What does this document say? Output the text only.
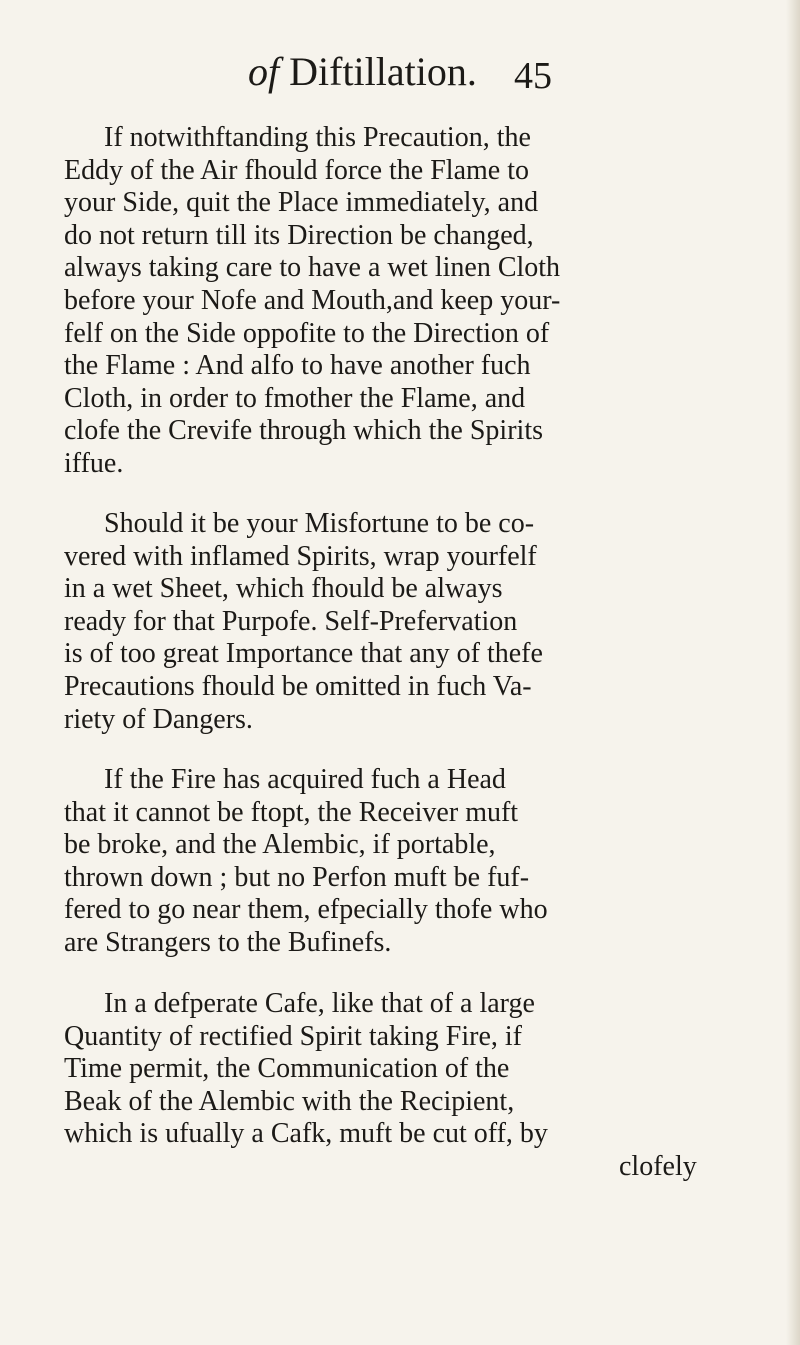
of Diftillation. 45
If notwithftanding this Precaution, the
Eddy of the Air fhould force the Flame to
your Side, quit the Place immediately, and
do not return till its Direction be changed,
always taking care to have a wet linen Cloth
before your Nofe and Mouth,and keep your-
felf on the Side oppofite to the Direction of
the Flame : And alfo to have another fuch
Cloth, in order to fmother the Flame, and
clofe the Crevife through which the Spirits
iffue.
Should it be your Misfortune to be co-
vered with inflamed Spirits, wrap yourfelf
in a wet Sheet, which fhould be always
ready for that Purpofe. Self-Prefervation
is of too great Importance that any of thefe
Precautions fhould be omitted in fuch Va-
riety of Dangers.
If the Fire has acquired fuch a Head
that it cannot be ftopt, the Receiver muft
be broke, and the Alembic, if portable,
thrown down ; but no Perfon muft be fuf-
fered to go near them, efpecially thofe who
are Strangers to the Bufinefs.
In a defperate Cafe, like that of a large
Quantity of rectified Spirit taking Fire, if
Time permit, the Communication of the
Beak of the Alembic with the Recipient,
which is ufually a Cafk, muft be cut off, by
clofely
